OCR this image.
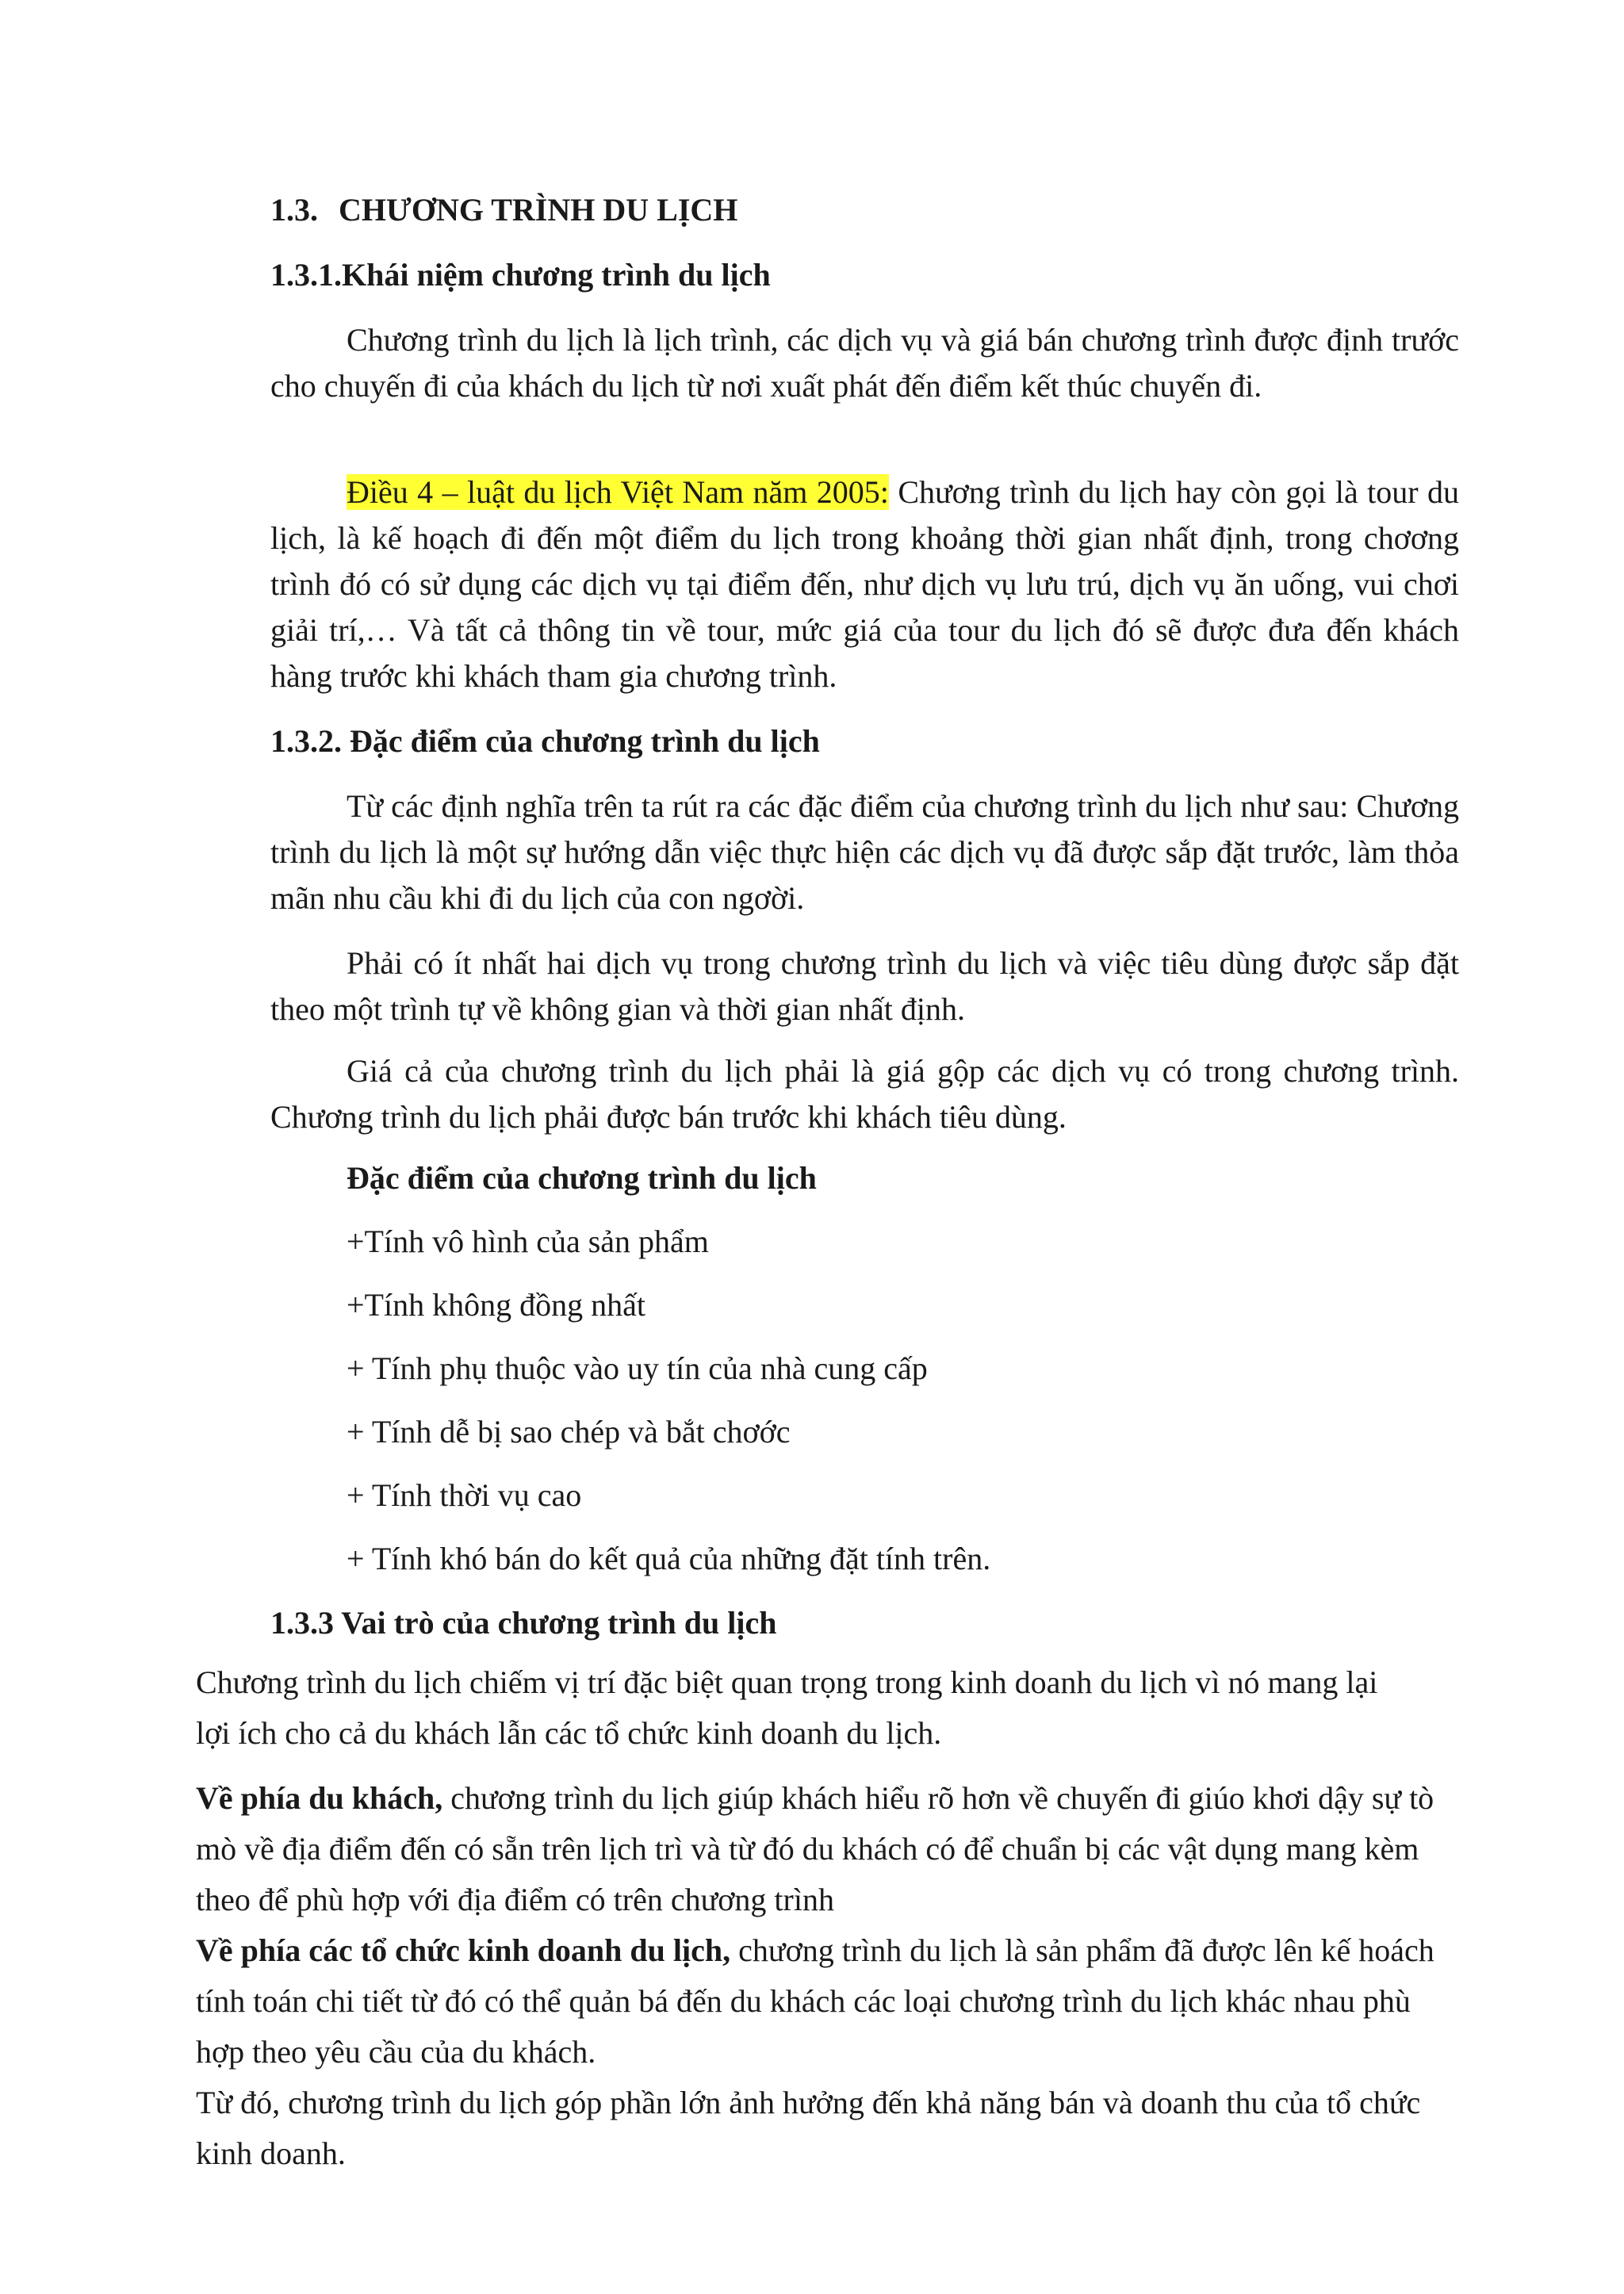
1.3. CHƯƠNG TRÌNH DU LỊCH
1.3.1.Khái niệm chương trình du lịch

Chương trình du lịch là lịch trình, các dịch vụ và giá bán chương trình được định trước cho chuyến đi của khách du lịch từ nơi xuất phát đến điểm kết thúc chuyến đi.

Điều 4 – luật du lịch Việt Nam năm 2005: Chương trình du lịch hay còn gọi là tour du lịch, là kế hoạch đi đến một điểm du lịch trong khoảng thời gian nhất định, trong chơơng trình đó có sử dụng các dịch vụ tại điểm đến, như dịch vụ lưu trú, dịch vụ ăn uống, vui chơi giải trí,… Và tất cả thông tin về tour, mức giá của tour du lịch đó sẽ được đưa đến khách hàng trước khi khách tham gia chương trình.

1.3.2. Đặc điểm của chương trình du lịch

Từ các định nghĩa trên ta rút ra các đặc điểm của chương trình du lịch như sau: Chương trình du lịch là một sự hướng dẫn việc thực hiện các dịch vụ đã được sắp đặt trước, làm thỏa mãn nhu cầu khi đi du lịch của con ngơời.

Phải có ít nhất hai dịch vụ trong chương trình du lịch và việc tiêu dùng được sắp đặt theo một trình tự về không gian và thời gian nhất định.

Giá cả của chương trình du lịch phải là giá gộp các dịch vụ có trong chương trình. Chương trình du lịch phải được bán trước khi khách tiêu dùng.

Đặc điểm của chương trình du lịch
+Tính vô hình của sản phẩm
+Tính không đồng nhất
+ Tính phụ thuộc vào uy tín của nhà cung cấp
+ Tính dễ bị sao chép và bắt chơớc
+ Tính thời vụ cao
+ Tính khó bán do kết quả của những đặt tính trên.
1.3.3 Vai trò của chương trình du lịch

Chương trình du lịch chiếm vị trí đặc biệt quan trọng trong kinh doanh du lịch vì nó mang lại lợi ích cho cả du khách lẫn các tổ chức kinh doanh du lịch.

Về phía du khách, chương trình du lịch giúp khách hiểu rõ hơn về chuyến đi giúo khơi dậy sự tò mò về địa điểm đến có sẵn trên lịch trì và từ đó du khách có để chuẩn bị các vật dụng mang kèm theo để phù hợp với địa điểm có trên chương trình

Về phía các tổ chức kinh doanh du lịch, chương trình du lịch là sản phẩm đã được lên kế hoách tính toán chi tiết từ đó có thể quản bá đến du khách các loại chương trình du lịch khác nhau phù hợp theo yêu cầu của du khách.

Từ đó, chương trình du lịch góp phần lớn ảnh hưởng đến khả năng bán và doanh thu của tổ chức kinh doanh.
